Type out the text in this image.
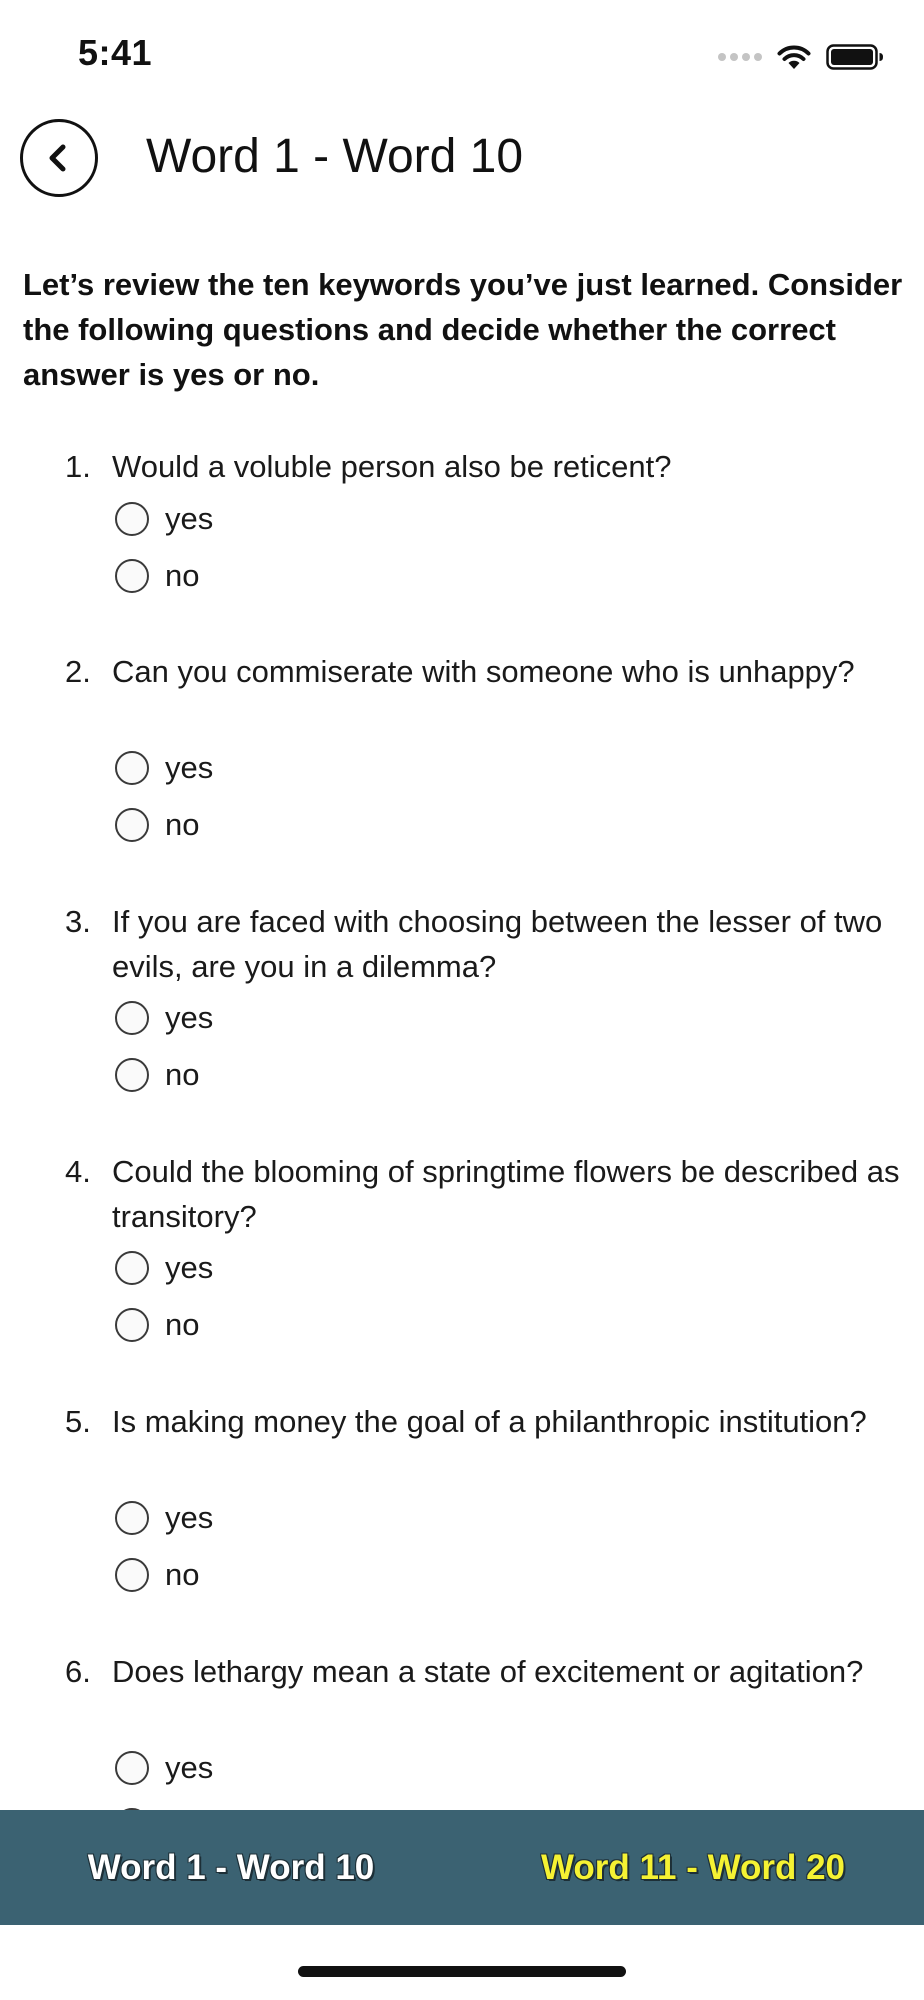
5:41
Word 1 - Word 10

Let’s review the ten keywords you’ve just learned. Consider the following questions and decide whether the correct answer is yes or no.

1. Would a voluble person also be reticent?

yes
no
2. Can you commiserate with someone who is unhappy?

yes
no
3. If you are faced with choosing between the lesser of two evils, are you in a dilemma?

yes
no
4. Could the blooming of springtime flowers be described as transitory?

yes
no
5. Is making money the goal of a philanthropic institution?

yes
no
6. Does lethargy mean a state of excitement or agitation?

yes
Word 1 - Word 10	Word 11 - Word 20
